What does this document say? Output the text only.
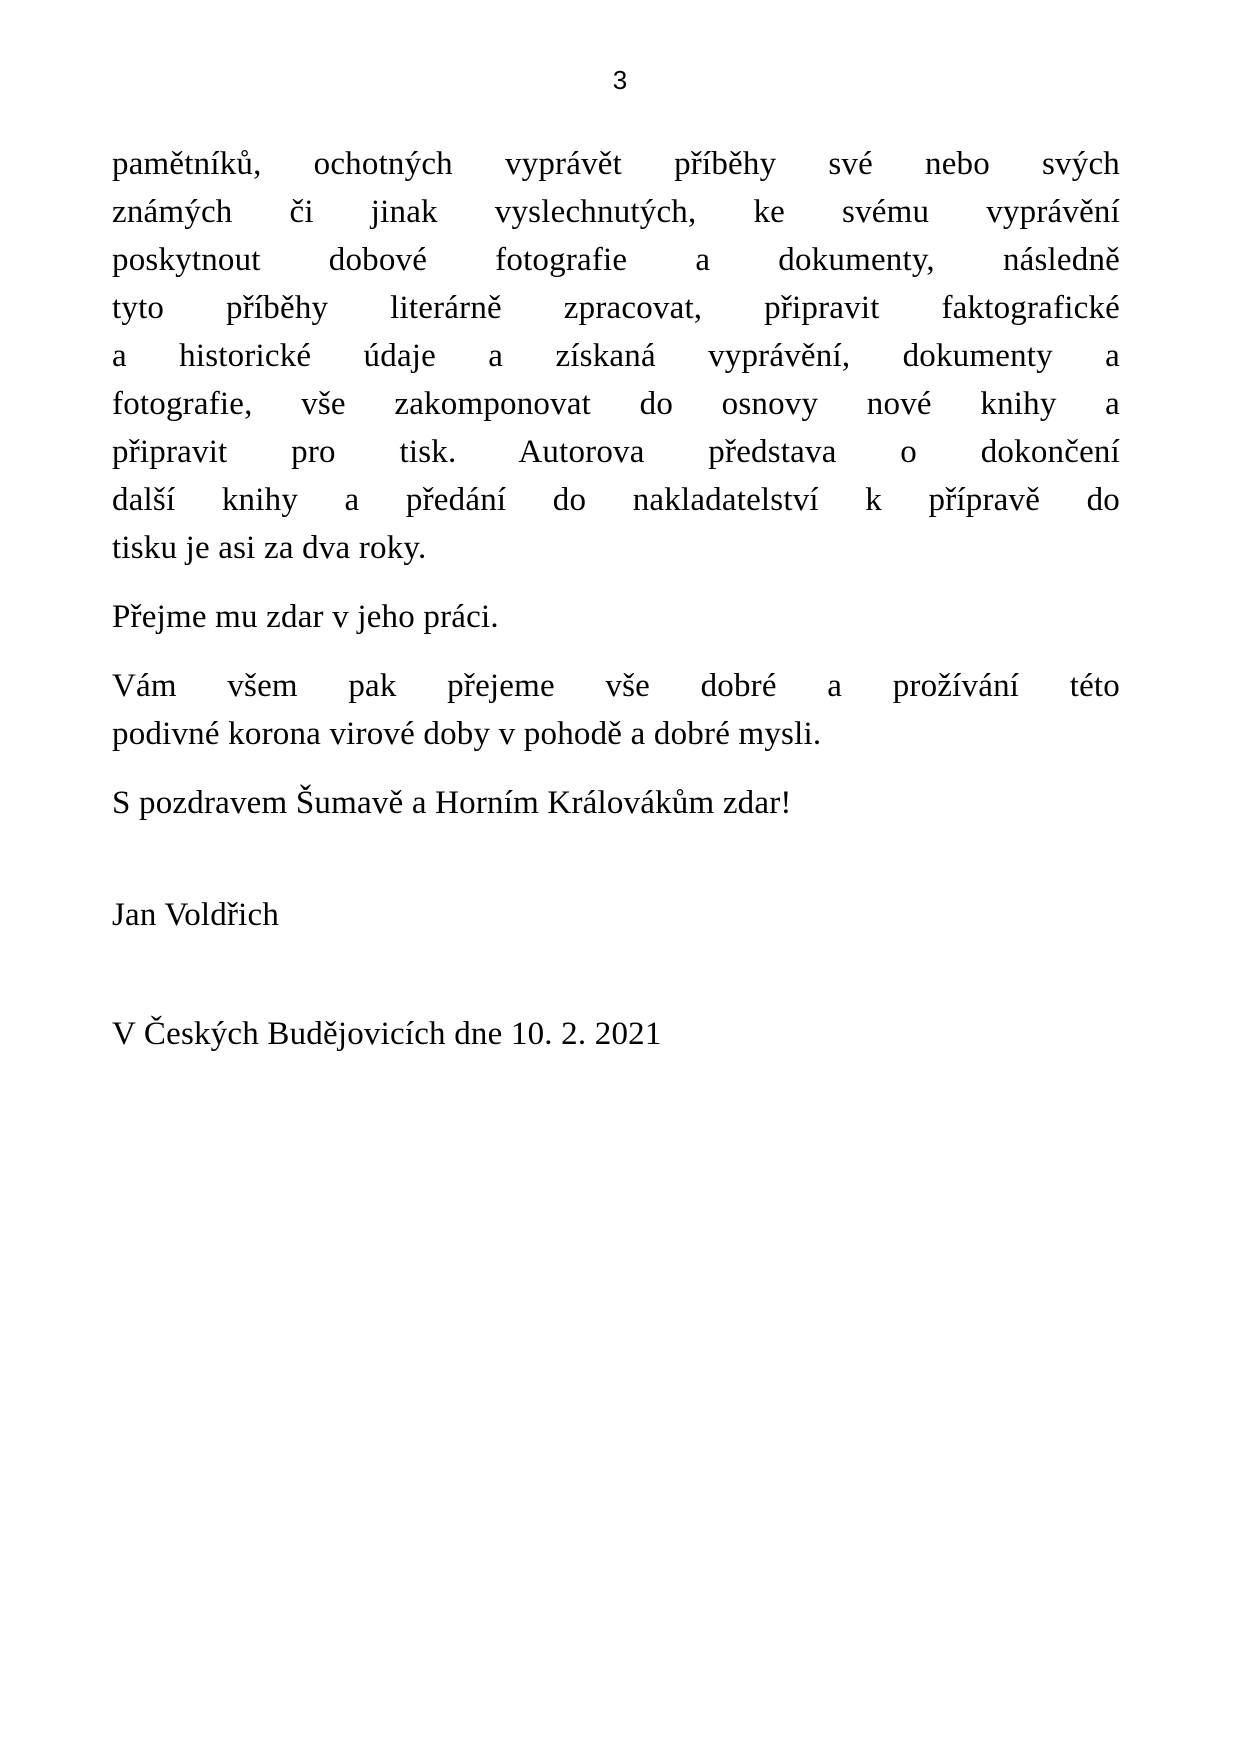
3
pamětníků, ochotných vyprávět příběhy své nebo svých
známých či jinak vyslechnutých, ke svému vyprávění
poskytnout dobové fotografie a dokumenty, následně
tyto příběhy literárně zpracovat, připravit faktografické
a historické údaje a získaná vyprávění, dokumenty a
fotografie, vše zakomponovat do osnovy nové knihy a
připravit pro tisk. Autorova představa o dokončení
další knihy a předání do nakladatelství k přípravě do
tisku je asi za dva roky.
Přejme mu zdar v jeho práci.
Vám všem pak přejeme vše dobré a prožívání této
podivné korona virové doby v pohodě a dobré mysli.
S pozdravem Šumavě a Horním Královákům zdar!
Jan Voldřich
V Českých Budějovicích dne 10. 2. 2021
